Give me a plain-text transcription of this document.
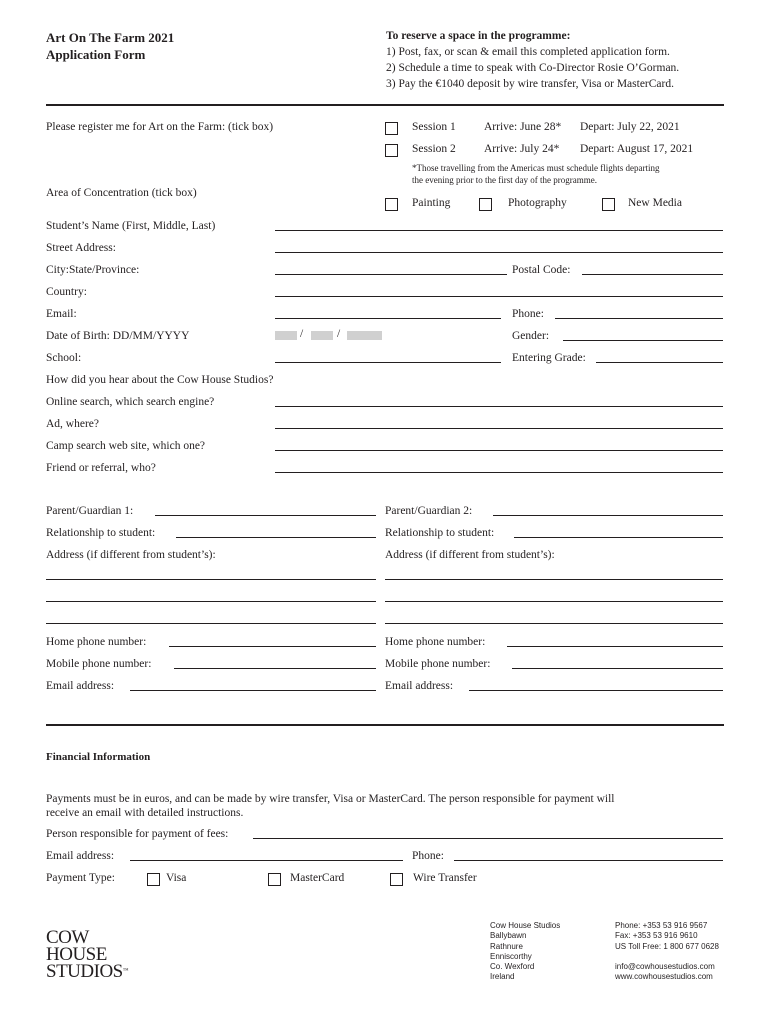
Art On The Farm 2021
Application Form
To reserve a space in the programme:
1) Post, fax, or scan & email this completed application form.
2) Schedule a time to speak with Co-Director Rosie O’Gorman.
3) Pay the €1040 deposit by wire transfer, Visa or MasterCard.
Please register me for Art on the Farm: (tick box)	Session 1 Arrive: June 28* Depart: July 22, 2021
Session 2 Arrive: July 24* Depart: August 17, 2021
*Those travelling from the Americas must schedule flights departing
the evening prior to the first day of the programme.
Area of Concentration (tick box)
Painting	Photography	New Media
Student’s Name (First, Middle, Last)
Street Address:
City:State/Province:	Postal Code:
Country:
Email:	Phone:
Date of Birth: DD/MM/YYYY	/	/	Gender:
School:	Entering Grade:
How did you hear about the Cow House Studios?
Online search, which search engine?
Ad, where?
Camp search web site, which one?
Friend or referral, who?
Parent/Guardian 1:	Parent/Guardian 2:
Relationship to student:	Relationship to student:
Address (if different from student’s):	Address (if different from student’s):
Home phone number:	Home phone number:
Mobile phone number:	Mobile phone number:
Email address:	Email address:
Financial Information
Payments must be in euros, and can be made by wire transfer, Visa or MasterCard. The person responsible for payment will
receive an email with detailed instructions.
Person responsible for payment of fees:
Email address:	Phone:
Payment Type:	Visa	MasterCard	Wire Transfer
COW
HOUSE
STUDIOS™
Cow House Studios
Ballybawn
Rathnure
Enniscorthy
Co. Wexford
Ireland
Phone: +353 53 916 9567
Fax: +353 53 916 9610
US Toll Free: 1 800 677 0628
info@cowhousestudios.com
www.cowhousestudios.com
